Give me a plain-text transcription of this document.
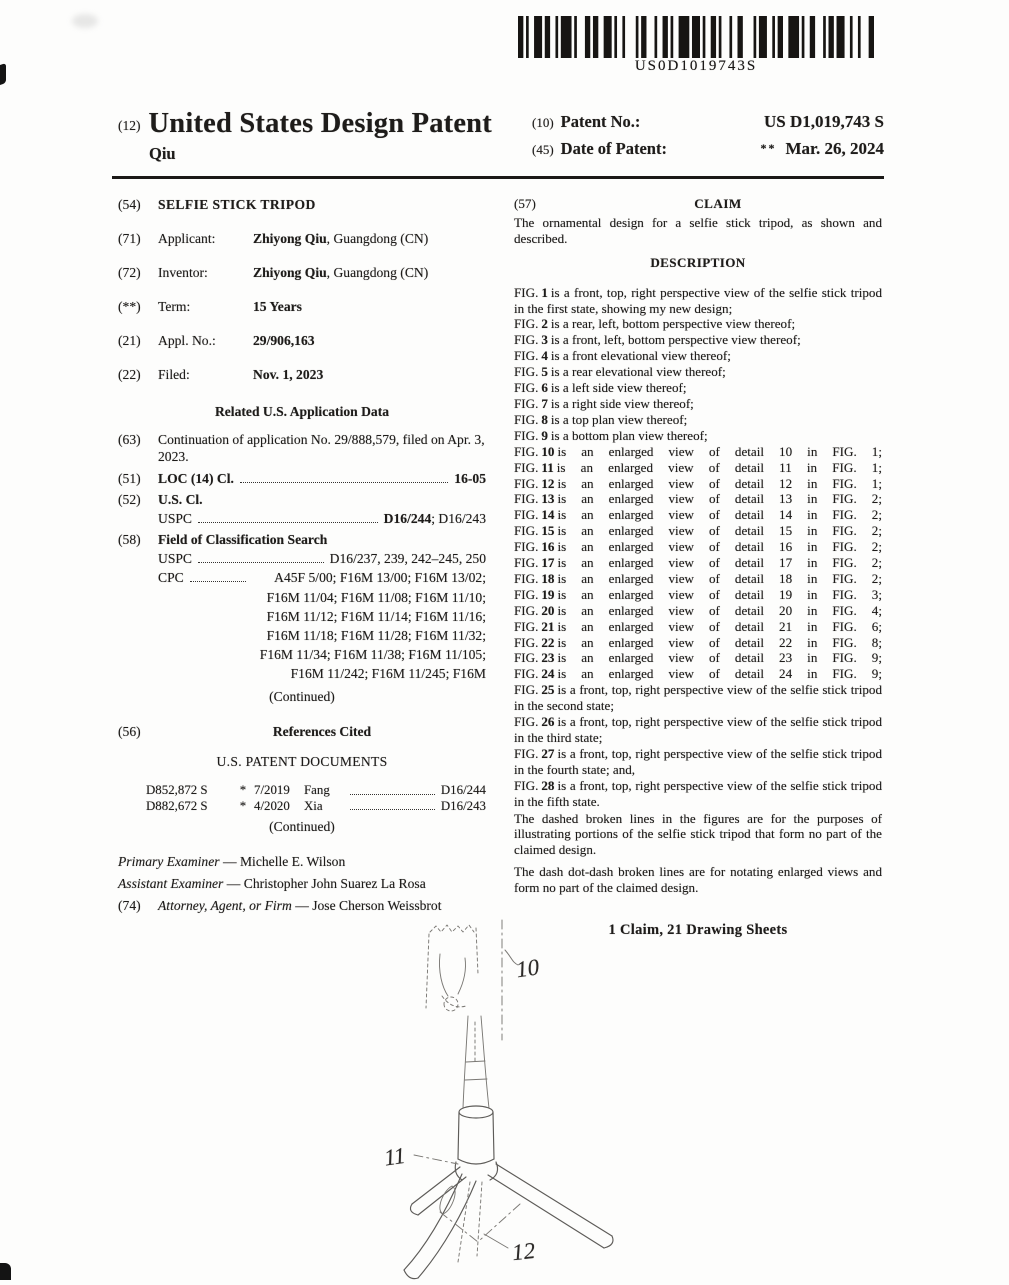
US0D1019743S
(12) United States Design Patent
Qiu
(10) Patent No.:	US D1,019,743 S
(45) Date of Patent:	** Mar. 26, 2024
(54)	SELFIE STICK TRIPOD
(71)	Applicant:	Zhiyong Qiu, Guangdong (CN)
(72)	Inventor:	Zhiyong Qiu, Guangdong (CN)
(**)	Term:	15 Years
(21)	Appl. No.:	29/906,163
(22)	Filed:	Nov. 1, 2023
Related U.S. Application Data
(63)	Continuation of application No. 29/888,579, filed on Apr. 3, 2023.
(51)	LOC (14) Cl.	16-05
(52)	U.S. Cl.
USPC	D16/244; D16/243
(58)	Field of Classification Search
USPC	D16/237, 239, 242–245, 250
CPC	A45F 5/00; F16M 13/00; F16M 13/02;
F16M 11/04; F16M 11/08; F16M 11/10;
F16M 11/12; F16M 11/14; F16M 11/16;
F16M 11/18; F16M 11/28; F16M 11/32;
F16M 11/34; F16M 11/38; F16M 11/105;
F16M 11/242; F16M 11/245; F16M
(Continued)
(56)	References Cited
U.S. PATENT DOCUMENTS
D852,872 S	* 7/2019	Fang	D16/244
D882,672 S	* 4/2020	Xia	D16/243
(Continued)
Primary Examiner — Michelle E. Wilson
Assistant Examiner — Christopher John Suarez La Rosa
(74)	Attorney, Agent, or Firm — Jose Cherson Weissbrot
(57)	CLAIM

The ornamental design for a selfie stick tripod, as shown and described.

DESCRIPTION
FIG. 1 is a front, top, right perspective view of the selfie stick tripod in the first state, showing my new design;
FIG. 2 is a rear, left, bottom perspective view thereof;
FIG. 3 is a front, left, bottom perspective view thereof;
FIG. 4 is a front elevational view thereof;
FIG. 5 is a rear elevational view thereof;
FIG. 6 is a left side view thereof;
FIG. 7 is a right side view thereof;
FIG. 8 is a top plan view thereof;
FIG. 9 is a bottom plan view thereof;
FIG. 10 is an enlarged view of detail 10 in FIG. 1;
FIG. 11 is an enlarged view of detail 11 in FIG. 1;
FIG. 12 is an enlarged view of detail 12 in FIG. 1;
FIG. 13 is an enlarged view of detail 13 in FIG. 2;
FIG. 14 is an enlarged view of detail 14 in FIG. 2;
FIG. 15 is an enlarged view of detail 15 in FIG. 2;
FIG. 16 is an enlarged view of detail 16 in FIG. 2;
FIG. 17 is an enlarged view of detail 17 in FIG. 2;
FIG. 18 is an enlarged view of detail 18 in FIG. 2;
FIG. 19 is an enlarged view of detail 19 in FIG. 3;
FIG. 20 is an enlarged view of detail 20 in FIG. 4;
FIG. 21 is an enlarged view of detail 21 in FIG. 6;
FIG. 22 is an enlarged view of detail 22 in FIG. 8;
FIG. 23 is an enlarged view of detail 23 in FIG. 9;
FIG. 24 is an enlarged view of detail 24 in FIG. 9;
FIG. 25 is a front, top, right perspective view of the selfie stick tripod in the second state;
FIG. 26 is a front, top, right perspective view of the selfie stick tripod in the third state;
FIG. 27 is a front, top, right perspective view of the selfie stick tripod in the fourth state; and,
FIG. 28 is a front, top, right perspective view of the selfie stick tripod in the fifth state.

The dashed broken lines in the figures are for the purposes of illustrating portions of the selfie stick tripod that form no part of the claimed design.

The dash dot-dash broken lines are for notating enlarged views and form no part of the claimed design.

1 Claim, 21 Drawing Sheets
10
11
12
